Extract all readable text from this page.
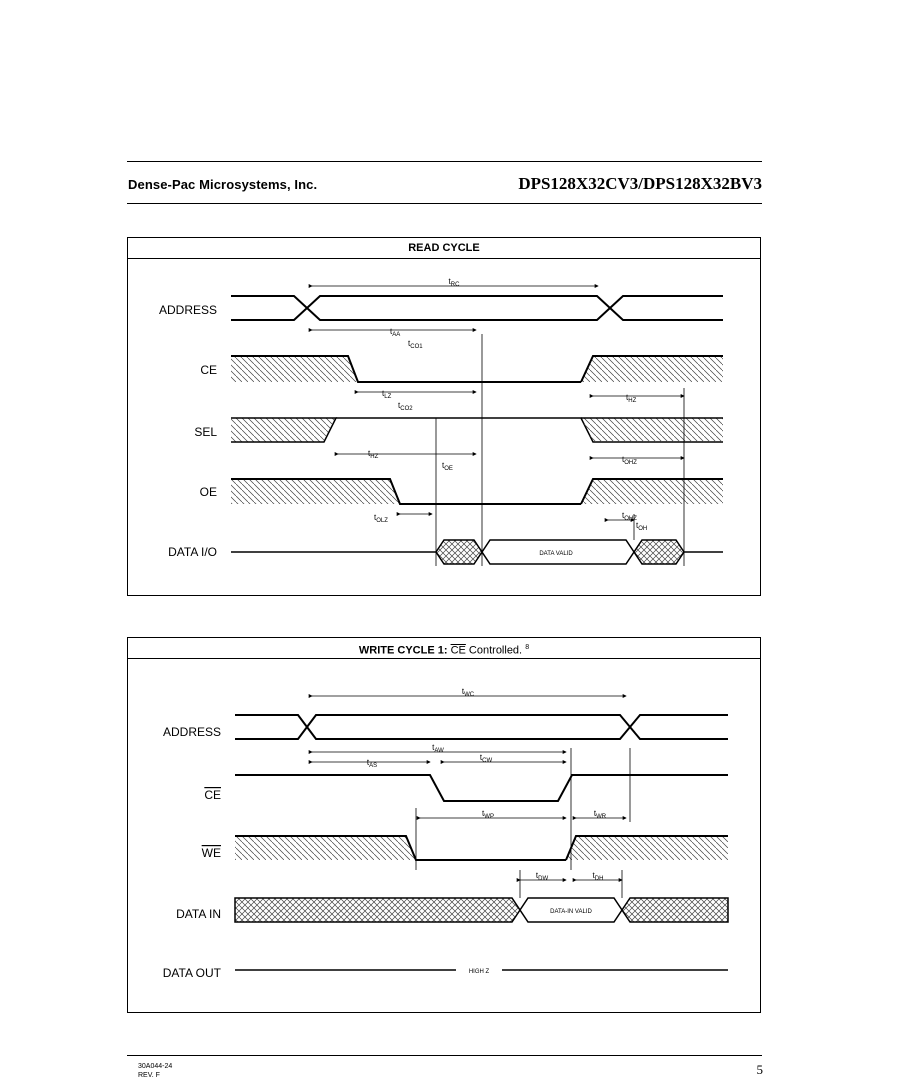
Dense-Pac Microsystems, Inc.	DPS128X32CV3/DPS128X32BV3
READ CYCLE
ADDRESS
CE
SEL
OE
DATA I/O	DATA VALID
$t_{RC}$
$t_{AA}$
$t_{CO1}$
$t_{LZ}$
$t_{CO2}$
$t_{HZ}$
$t_{OE}$
$t_{OLZ}$
$t_{HZ}$
$t_{OHZ}$
$t_{OHZ}$
$t_{OH}$
WRITE CYCLE 1: $\overline{CE}$ Controlled. $^8$
ADDRESS
CE
WE
DATA IN
DATA OUT
DATA-IN VALID
HIGH Z
$t_{WC}$
$t_{AW}$
$t_{AS}$
$t_{CW}$
$t_{WP}$	$t_{WR}$
$t_{DW}$	$t_{DH}$
30A044-24
REV. F	5
